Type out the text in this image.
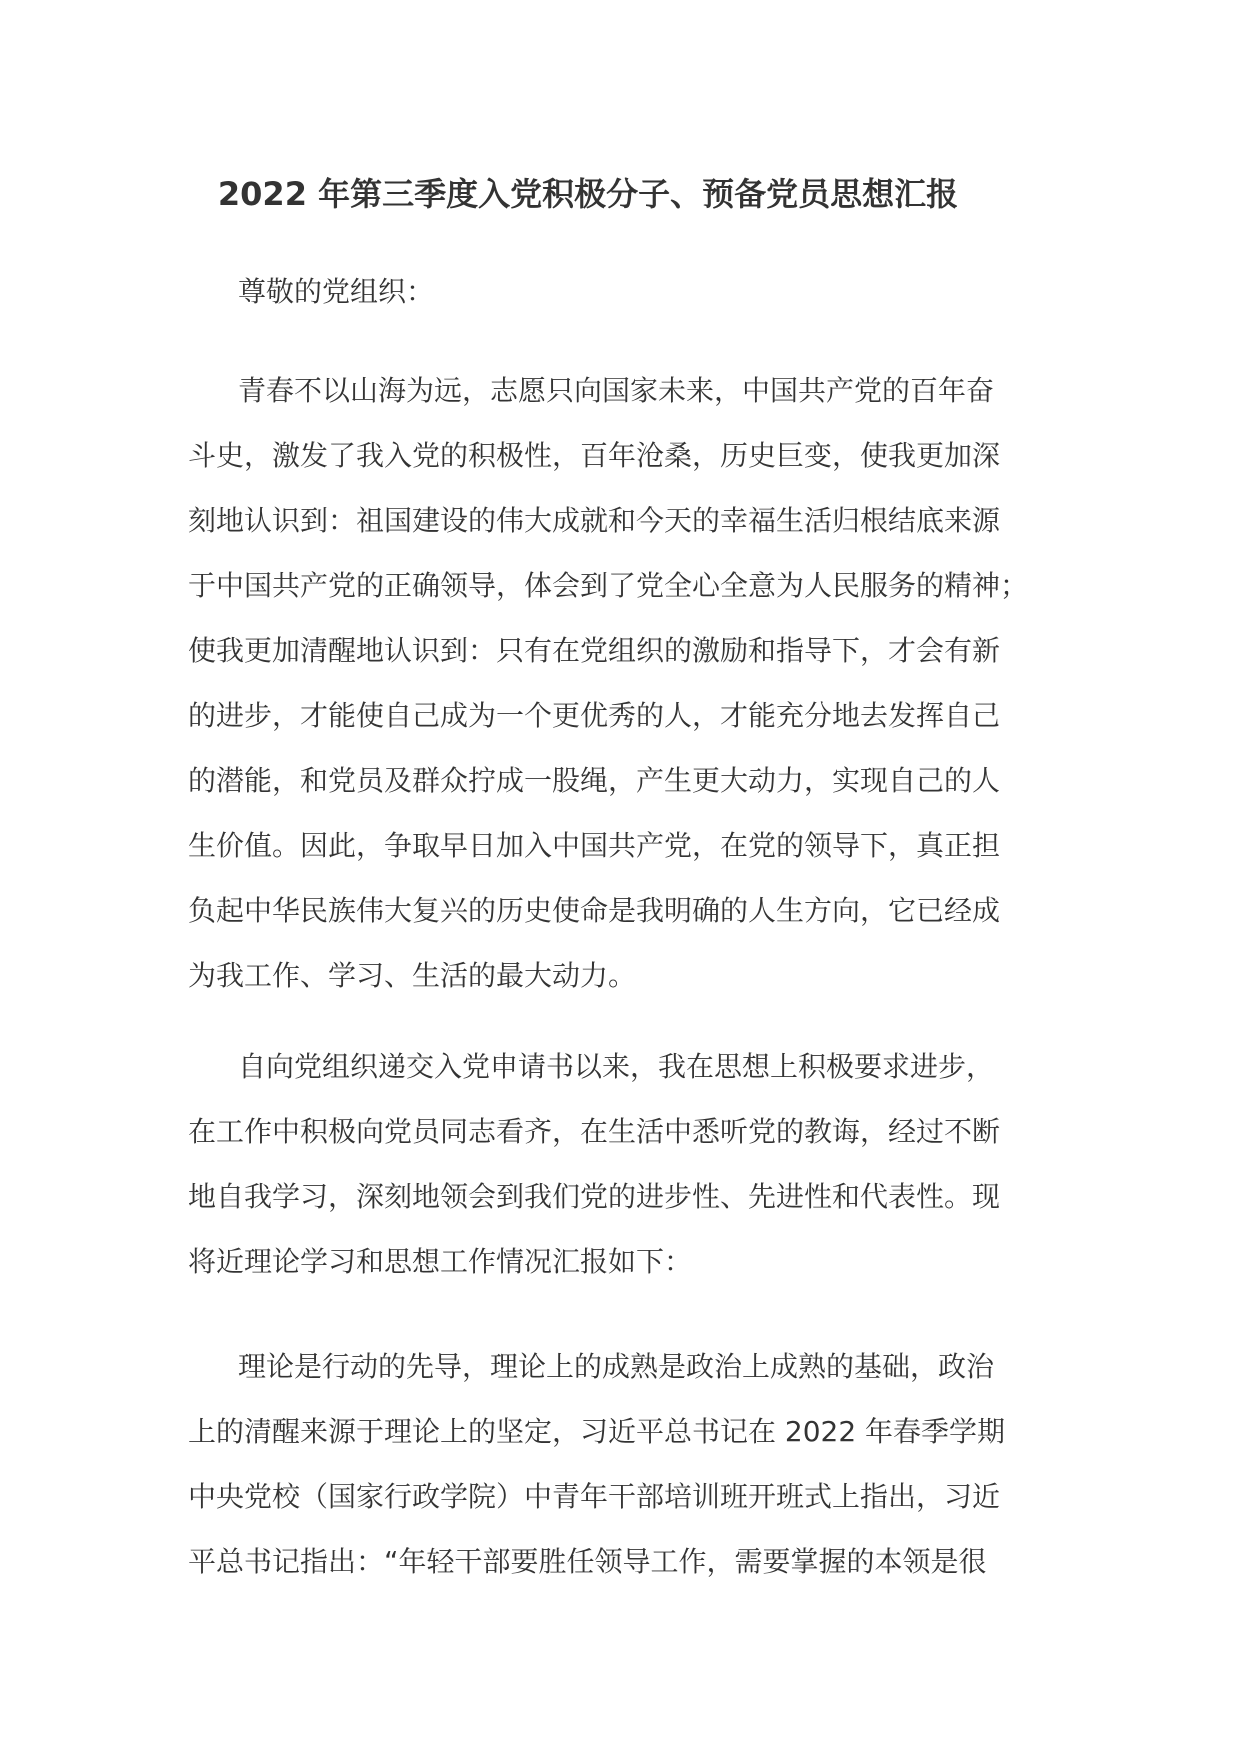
2022 年第三季度入党积极分子、预备党员思想汇报
尊敬的党组织：
青春不以山海为远，志愿只向国家未来，中国共产党的百年奋
斗史，激发了我入党的积极性，百年沧桑，历史巨变，使我更加深
刻地认识到：祖国建设的伟大成就和今天的幸福生活归根结底来源
于中国共产党的正确领导，体会到了党全心全意为人民服务的精神；
使我更加清醒地认识到：只有在党组织的激励和指导下，才会有新
的进步，才能使自己成为一个更优秀的人，才能充分地去发挥自己
的潜能，和党员及群众拧成一股绳，产生更大动力，实现自己的人
生价值。因此，争取早日加入中国共产党，在党的领导下，真正担
负起中华民族伟大复兴的历史使命是我明确的人生方向，它已经成
为我工作、学习、生活的最大动力。
自向党组织递交入党申请书以来，我在思想上积极要求进步，
在工作中积极向党员同志看齐，在生活中悉听党的教诲，经过不断
地自我学习，深刻地领会到我们党的进步性、先进性和代表性。现
将近理论学习和思想工作情况汇报如下：
理论是行动的先导，理论上的成熟是政治上成熟的基础，政治
上的清醒来源于理论上的坚定，习近平总书记在 2022 年春季学期
中央党校（国家行政学院）中青年干部培训班开班式上指出，习近
平总书记指出：“年轻干部要胜任领导工作，需要掌握的本领是很
